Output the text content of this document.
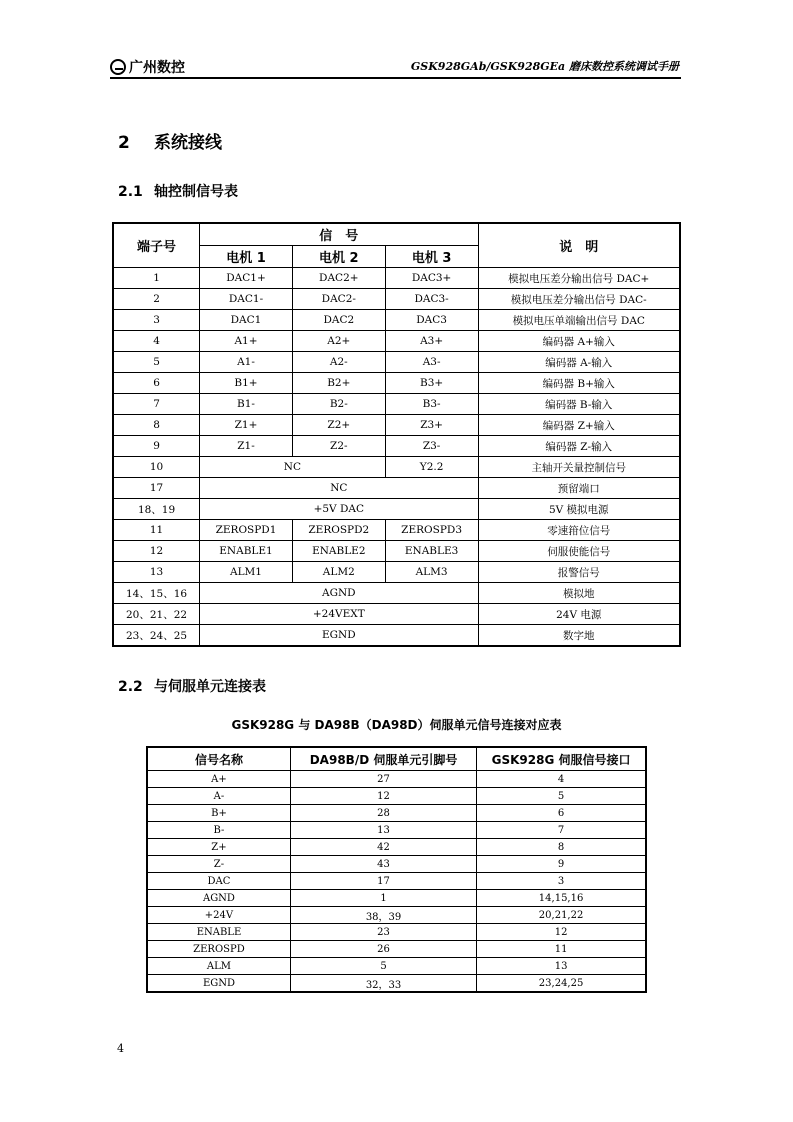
广州数控	GSK928GAb/GSK928GEa 磨床数控系统调试手册
2 系统接线
2.1 轴控制信号表
端子号	信　号			说　明
	电机 1	电机 2	电机 3	
1	DAC1+	DAC2+	DAC3+	模拟电压差分输出信号 DAC+
2	DAC1-	DAC2-	DAC3-	模拟电压差分输出信号 DAC-
3	DAC1	DAC2	DAC3	模拟电压单端输出信号 DAC
4	A1+	A2+	A3+	编码器 A+输入
5	A1-	A2-	A3-	编码器 A-输入
6	B1+	B2+	B3+	编码器 B+输入
7	B1-	B2-	B3-	编码器 B-输入
8	Z1+	Z2+	Z3+	编码器 Z+输入
9	Z1-	Z2-	Z3-	编码器 Z-输入
10	NC		Y2.2	主轴开关量控制信号
17	NC			预留端口
18、19	+5V DAC			5V 模拟电源
11	ZEROSPD1	ZEROSPD2	ZEROSPD3	零速箝位信号
12	ENABLE1	ENABLE2	ENABLE3	伺服使能信号
13	ALM1	ALM2	ALM3	报警信号
14、15、16	AGND			模拟地
20、21、22	+24VEXT			24V 电源
23、24、25	EGND			数字地
2.2 与伺服单元连接表
GSK928G 与 DA98B（DA98D）伺服单元信号连接对应表
信号名称	DA98B/D 伺服单元引脚号	GSK928G 伺服信号接口
A+	27	4
A-	12	5
B+	28	6
B-	13	7
Z+	42	8
Z-	43	9
DAC	17	3
AGND	1	14,15,16
+24V	38，39	20,21,22
ENABLE	23	12
ZEROSPD	26	11
ALM	5	13
EGND	32，33	23,24,25
4
